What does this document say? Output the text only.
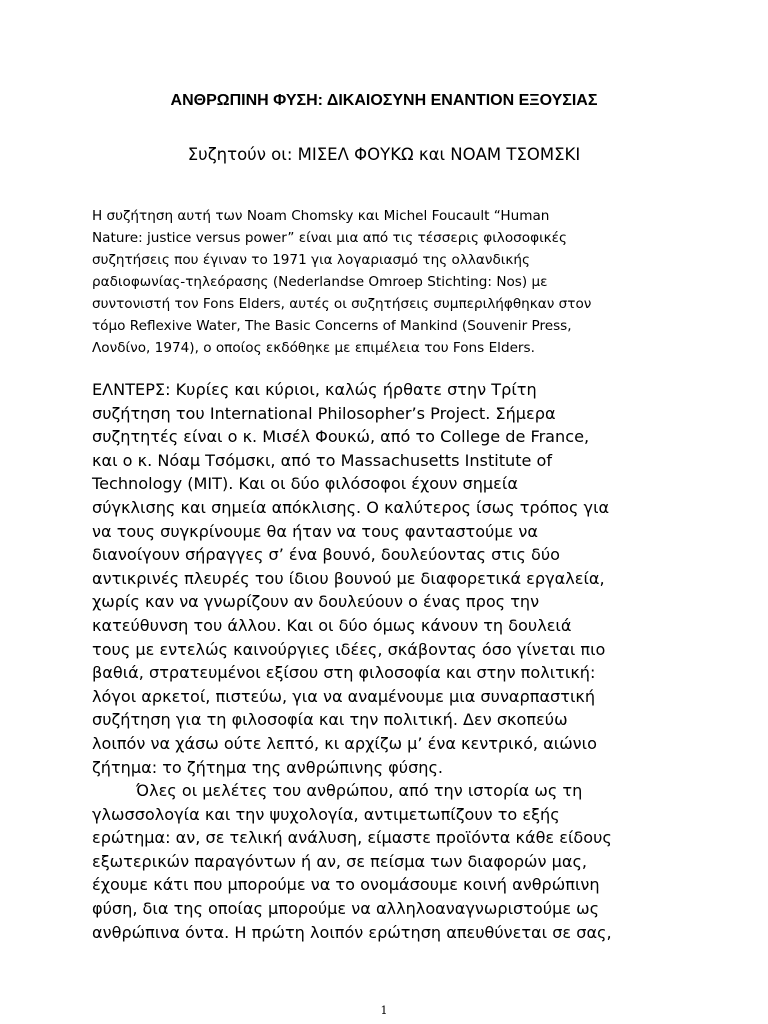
ΑΝΘΡΩΠΙΝΗ ΦΥΣΗ: ΔΙΚΑΙΟΣΥΝΗ ΕΝΑΝΤΙΟΝ ΕΞΟΥΣΙΑΣ
Συζητούν οι: ΜΙΣΕΛ ΦΟΥΚΩ και ΝΟΑΜ ΤΣΟΜΣΚΙ

Η συζήτηση αυτή των Noam Chomsky και Michel Foucault “Human
Nature: justice versus power” είναι μια από τις τέσσερις φιλοσοφικές
συζητήσεις που έγιναν το 1971 για λογαριασμό της ολλανδικής
ραδιοφωνίας-τηλεόρασης (Nederlandse Omroep Stichting: Nos) με
συντονιστή τον Fons Elders, αυτές οι συζητήσεις συμπεριλήφθηκαν στον
τόμο Reflexive Water, The Basic Concerns of Mankind (Souvenir Press,
Λονδίνο, 1974), ο οποίος εκδόθηκε με επιμέλεια του Fons Elders.

ΕΛΝΤΕΡΣ: Κυρίες και κύριοι, καλώς ήρθατε στην Τρίτη
συζήτηση του International Philosopher’s Project. Σήμερα
συζητητές είναι ο κ. Μισέλ Φουκώ, από το College de France,
και ο κ. Νόαμ Τσόμσκι, από το Massachusetts Institute of
Technology (MIT). Και οι δύο φιλόσοφοι έχουν σημεία
σύγκλισης και σημεία απόκλισης. Ο καλύτερος ίσως τρόπος για
να τους συγκρίνουμε θα ήταν να τους φανταστούμε να
διανοίγουν σήραγγες σ’ ένα βουνό, δουλεύοντας στις δύο
αντικρινές πλευρές του ίδιου βουνού με διαφορετικά εργαλεία,
χωρίς καν να γνωρίζουν αν δουλεύουν ο ένας προς την
κατεύθυνση του άλλου. Και οι δύο όμως κάνουν τη δουλειά
τους με εντελώς καινούργιες ιδέες, σκάβοντας όσο γίνεται πιο
βαθιά, στρατευμένοι εξίσου στη φιλοσοφία και στην πολιτική:
λόγοι αρκετοί, πιστεύω, για να αναμένουμε μια συναρπαστική
συζήτηση για τη φιλοσοφία και την πολιτική. Δεν σκοπεύω
λοιπόν να χάσω ούτε λεπτό, κι αρχίζω μ’ ένα κεντρικό, αιώνιο
ζήτημα: το ζήτημα της ανθρώπινης φύσης.

Όλες οι μελέτες του ανθρώπου, από την ιστορία ως τη
γλωσσολογία και την ψυχολογία, αντιμετωπίζουν το εξής
ερώτημα: αν, σε τελική ανάλυση, είμαστε προϊόντα κάθε είδους
εξωτερικών παραγόντων ή αν, σε πείσμα των διαφορών μας,
έχουμε κάτι που μπορούμε να το ονομάσουμε κοινή ανθρώπινη
φύση, δια της οποίας μπορούμε να αλληλοαναγνωριστούμε ως
ανθρώπινα όντα. Η πρώτη λοιπόν ερώτηση απευθύνεται σε σας,

1
